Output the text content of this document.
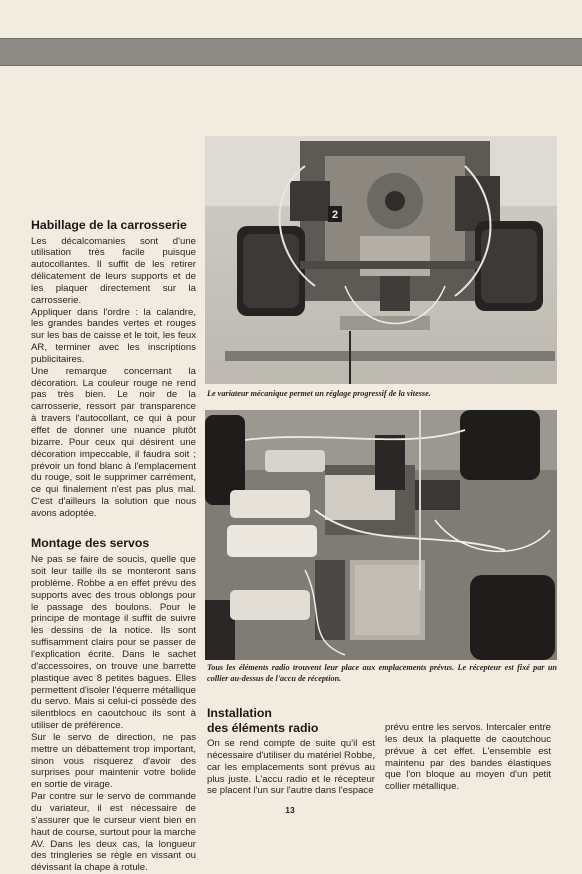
Habillage de la carrosserie

Les décalcomanies sont d'une utilisation très facile puisque autocollantes. Il suffit de les retirer délicatement de leurs supports et de les plaquer directement sur la carrosserie.

Appliquer dans l'ordre : la calandre, les grandes bandes vertes et rouges sur les bas de caisse et le toit, les feux AR, terminer avec les inscriptions publicitaires.

Une remarque concernant la décoration. La couleur rouge ne rend pas très bien. Le noir de la carrosserie, ressort par transparence à travers l'autocollant, ce qui à pour effet de donner une nuance plutôt bizarre. Pour ceux qui désirent une décoration impeccable, il faudra soit ; prévoir un fond blanc à l'emplacement du rouge, soit le supprimer carrément, ce qui finalement n'est pas plus mal. C'est d'ailleurs la solution que nous avons adoptée.

Montage des servos

Ne pas se faire de soucis, quelle que soit leur taille ils se monteront sans problème. Robbe a en effet prévu des supports avec des trous oblongs pour le passage des boulons. Pour le principe de montage il suffit de suivre les dessins de la notice. Ils sont suffisamment clairs pour se passer de l'explication écrite. Dans le sachet d'accessoires, on trouve une barrette plastique avec 8 petites bagues. Elles permettent d'isoler l'équerre métallique du servo. Mais si celui-ci possède des silentblocs en caoutchouc ils sont à utiliser de préférence.

Sur le servo de direction, ne pas mettre un débattement trop important, sinon vous risquerez d'avoir des surprises pour maintenir votre bolide en sortie de virage.

Par contre sur le servo de commande du variateur, il est nécessaire de s'assurer que le curseur vient bien en haut de course, surtout pour la marche AV. Dans les deux cas, la longueur des tringleries se règle en vissant ou dévissant la chape à rotule.

2
Le variateur mécanique permet un réglage progressif de la vitesse.
Tous les éléments radio trouvent leur place aux emplacements prévus. Le récepteur est fixé par un collier au-dessus de l'accu de réception.
Installation
des éléments radio

On se rend compte de suite qu'il est nécessaire d'utiliser du matériel Robbe, car les emplacements sont prévus au plus juste. L'accu radio et le récepteur se placent l'un sur l'autre dans l'espace

prévu entre les servos. Intercaler entre les deux la plaquette de caoutchouc prévue à cet effet. L'ensemble est maintenu par des bandes élastiques que l'on bloque au moyen d'un petit collier métallique.

13
